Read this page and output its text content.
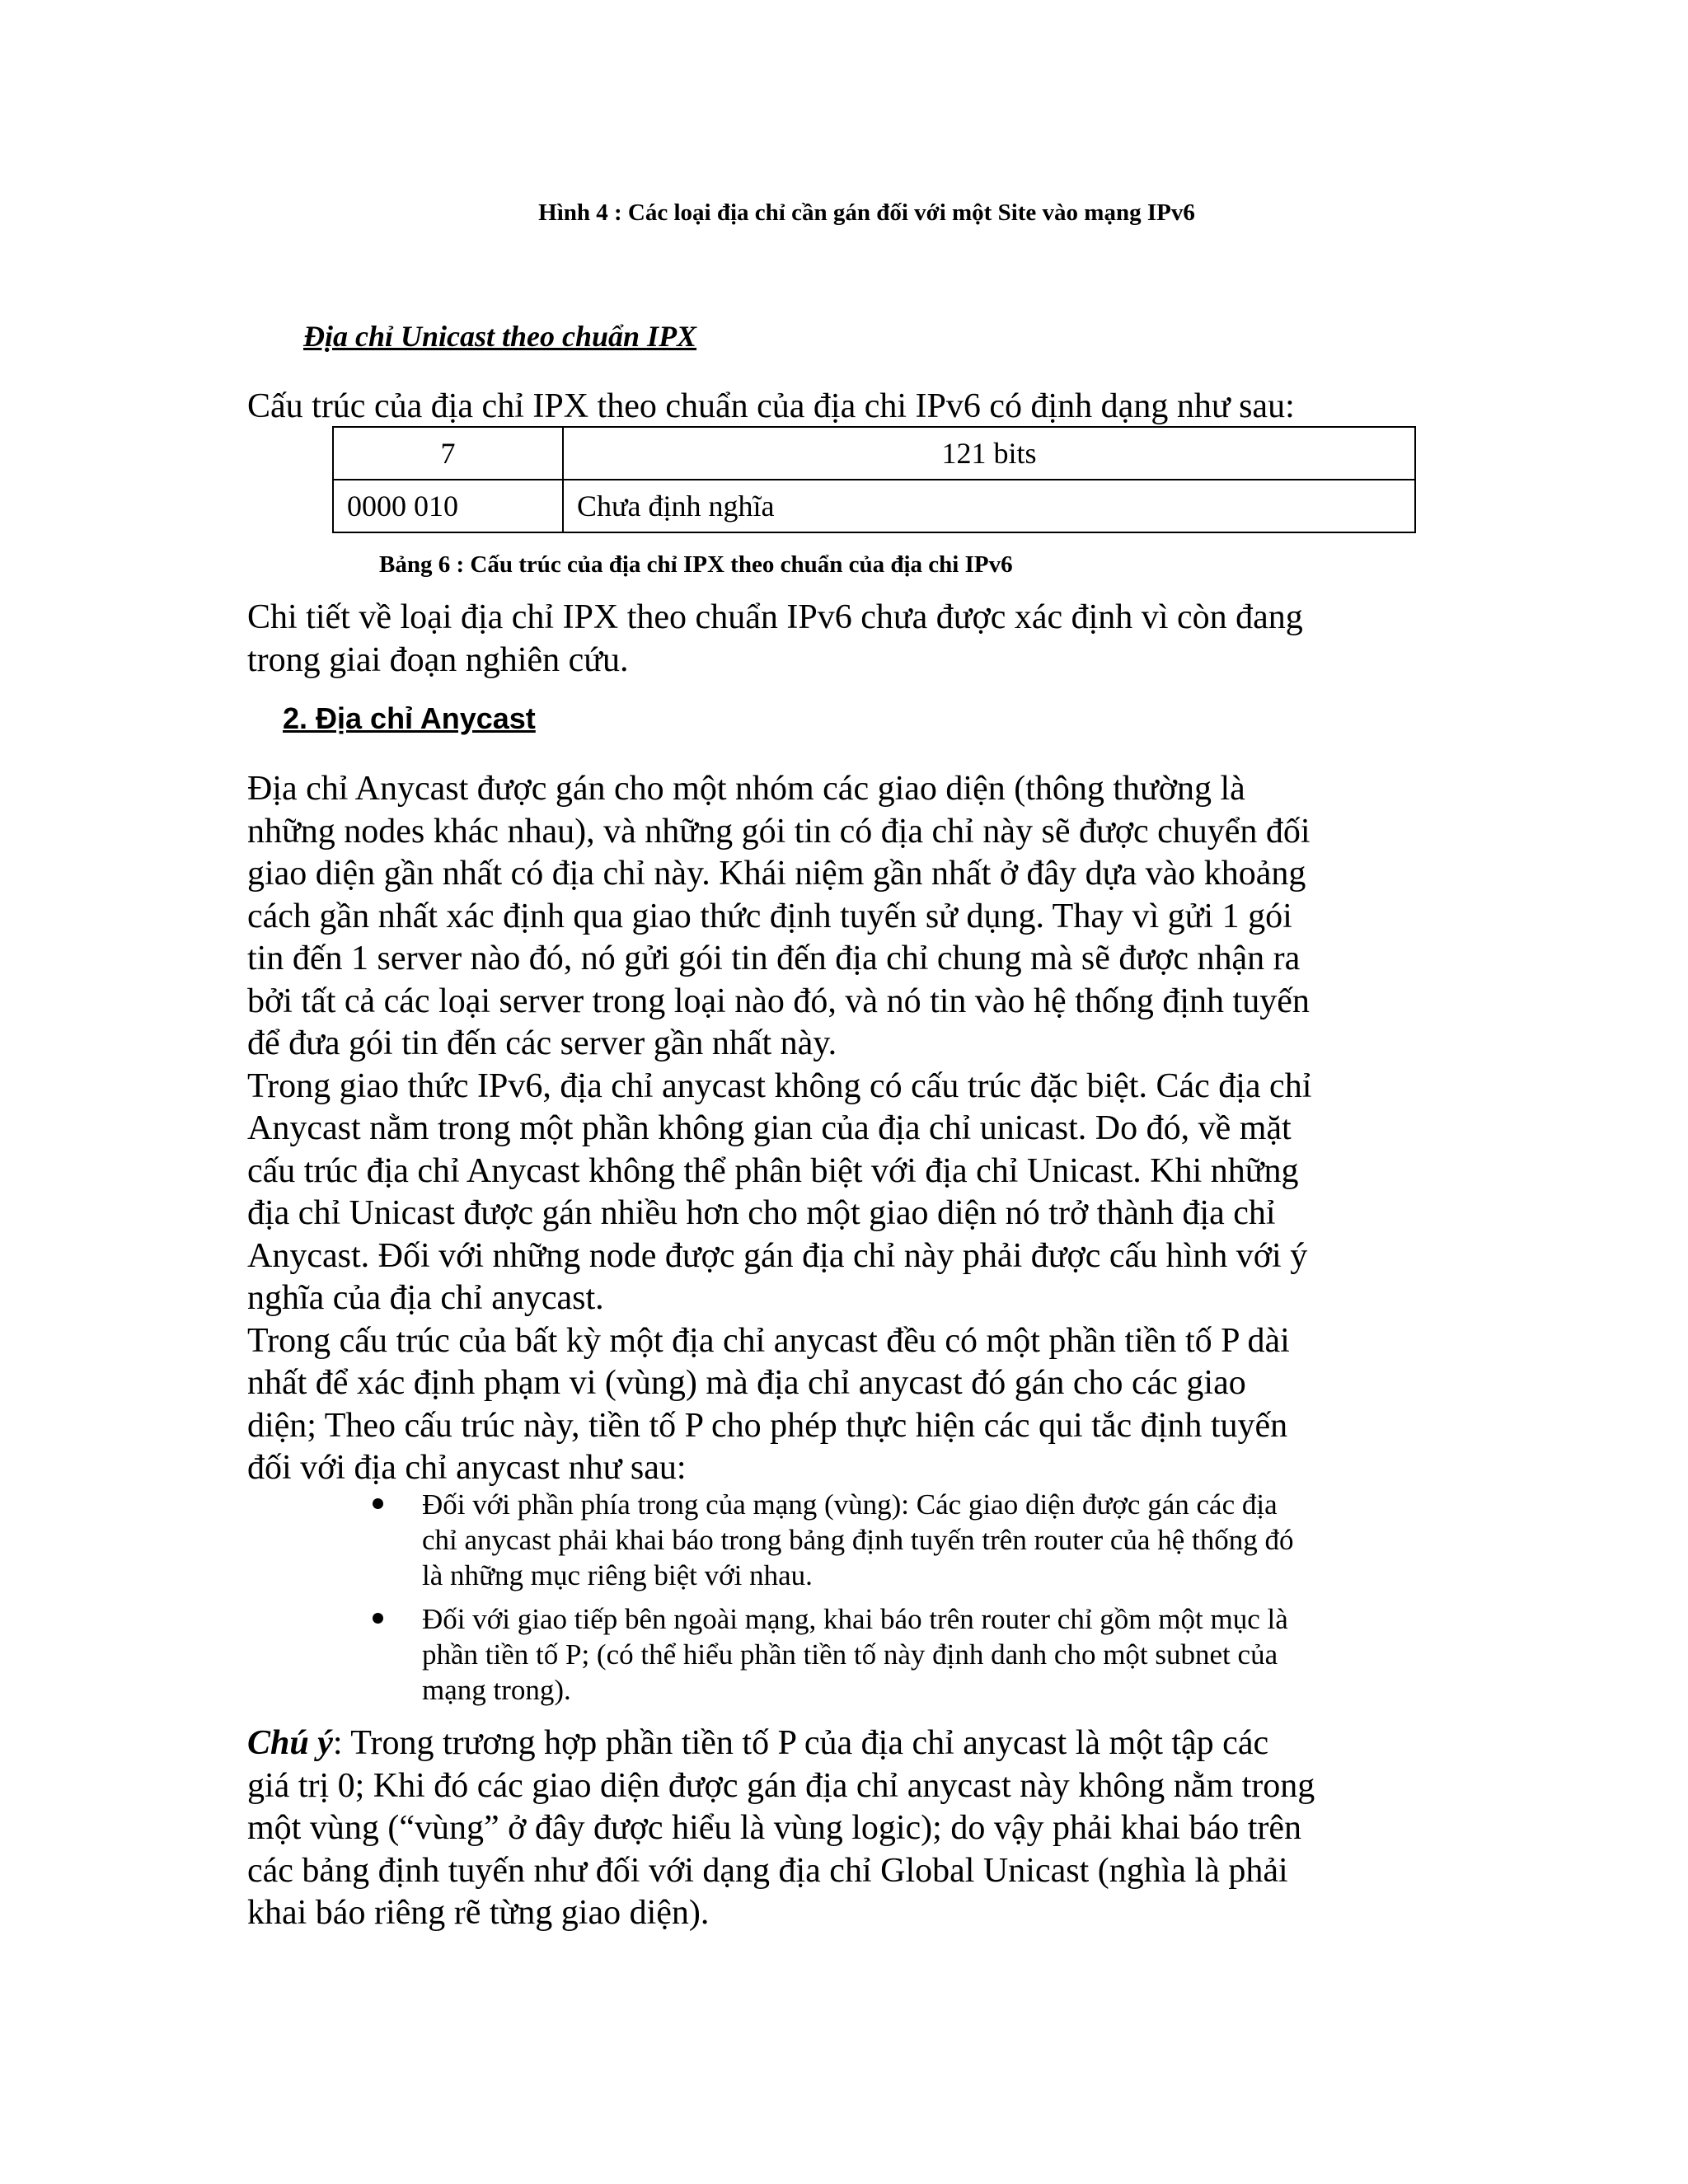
Hình 4 : Các loại địa chỉ cần gán đối với một Site vào mạng IPv6
Địa chỉ Unicast theo chuẩn IPX
Cấu trúc của địa chỉ IPX theo chuẩn của địa chi IPv6 có định dạng như sau:
7	121 bits
0000 010	Chưa định nghĩa
Bảng 6 : Cấu trúc của địa chỉ IPX theo chuẩn của địa chi IPv6
Chi tiết về loại địa chỉ IPX theo chuẩn IPv6 chưa được xác định vì còn đang
trong giai đoạn nghiên cứu.
2. Địa chỉ Anycast
Địa chỉ Anycast được gán cho một nhóm các giao diện (thông thường là
những nodes khác nhau), và những gói tin có địa chỉ này sẽ được chuyển đối
giao diện gần nhất có địa chỉ này. Khái niệm gần nhất ở đây dựa vào khoảng
cách gần nhất xác định qua giao thức định tuyến sử dụng. Thay vì gửi 1 gói
tin đến 1 server nào đó, nó gửi gói tin đến địa chỉ chung mà sẽ được nhận ra
bởi tất cả các loại server trong loại nào đó, và nó tin vào hệ thống định tuyến
để đưa gói tin đến các server gần nhất này.
Trong giao thức IPv6, địa chỉ anycast không có cấu trúc đặc biệt. Các địa chỉ
Anycast nằm trong một phần không gian của địa chỉ unicast. Do đó, về mặt
cấu trúc địa chỉ Anycast không thể phân biệt với địa chỉ Unicast. Khi những
địa chỉ Unicast được gán nhiều hơn cho một giao diện nó trở thành địa chỉ
Anycast. Đối với những node được gán địa chỉ này phải được cấu hình với ý
nghĩa của địa chỉ anycast.
Trong cấu trúc của bất kỳ một địa chỉ anycast đều có một phần tiền tố P dài
nhất để xác định phạm vi (vùng) mà địa chỉ anycast đó gán cho các giao
diện; Theo cấu trúc này, tiền tố P cho phép thực hiện các qui tắc định tuyến
đối với địa chỉ anycast như sau:
Đối với phần phía trong của mạng (vùng): Các giao diện được gán các địa
chỉ anycast phải khai báo trong bảng định tuyến trên router của hệ thống đó
là những mục riêng biệt với nhau.
Đối với giao tiếp bên ngoài mạng, khai báo trên router chỉ gồm một mục là
phần tiền tố P; (có thể hiểu phần tiền tố này định danh cho một subnet của
mạng trong).
Chú ý: Trong trương hợp phần tiền tố P của địa chỉ anycast là một tập các
giá trị 0; Khi đó các giao diện được gán địa chỉ anycast này không nằm trong
một vùng (“vùng” ở đây được hiểu là vùng logic); do vậy phải khai báo trên
các bảng định tuyến như đối với dạng địa chỉ Global Unicast (nghìa là phải
khai báo riêng rẽ từng giao diện).
